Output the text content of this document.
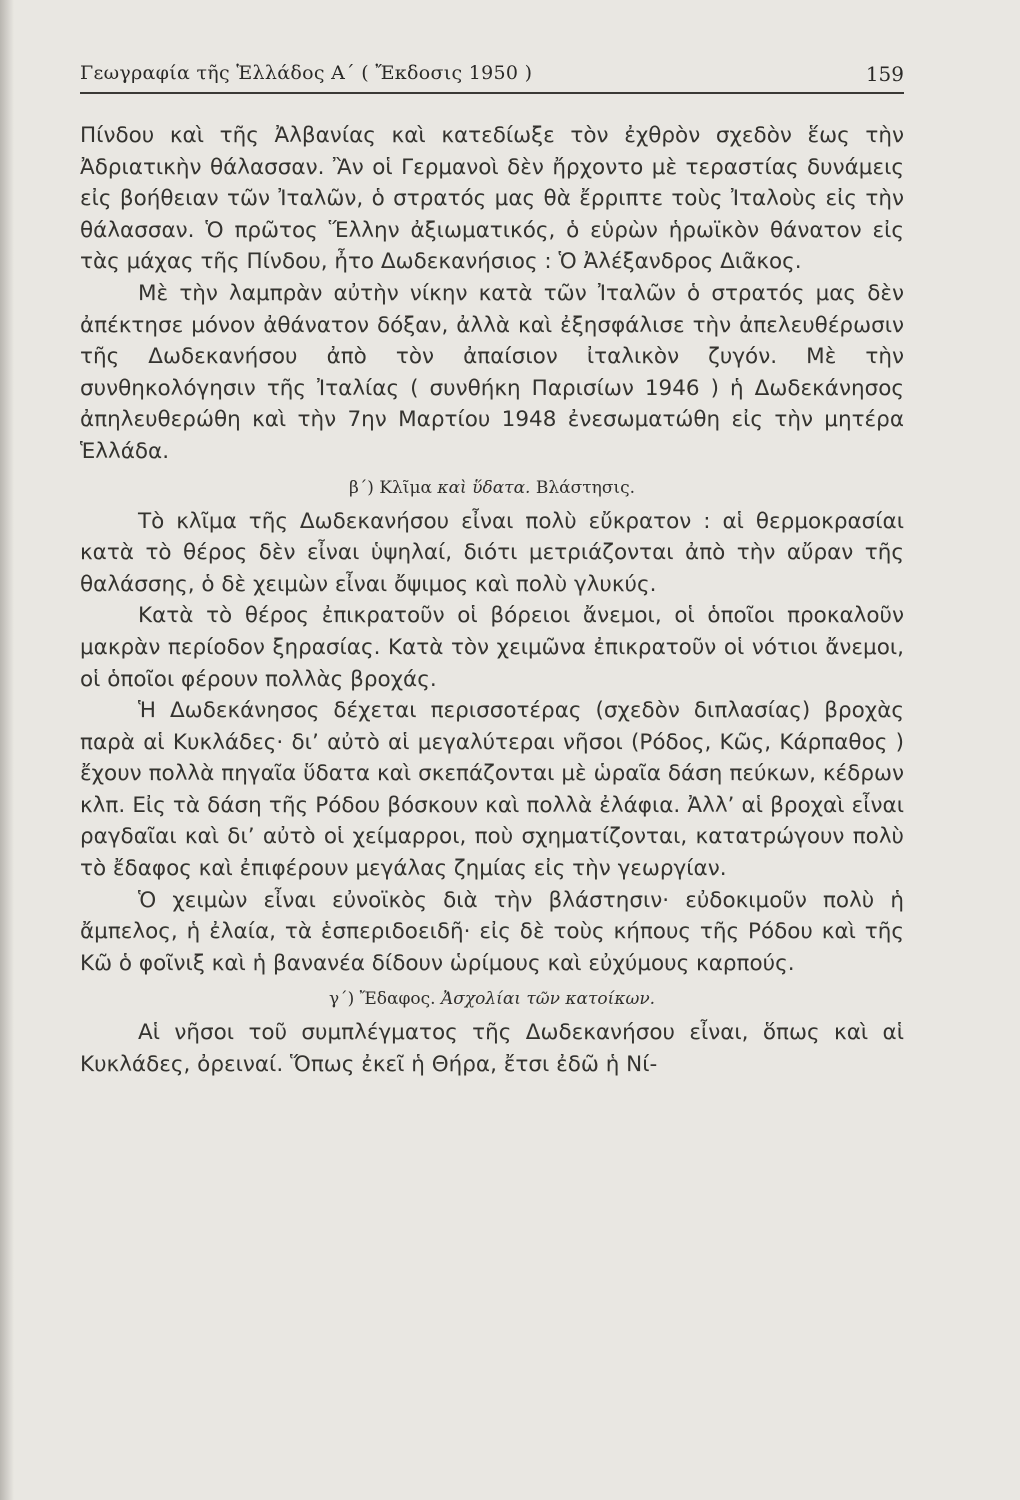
Γεωγραφία τῆς Ἑλλάδος Α´ ( Ἔκδοσις 1950 )	159

Πίνδου καὶ τῆς Ἀλβανίας καὶ κατεδίωξε τὸν ἐχθρὸν σχεδὸν ἕως τὴν Ἀδριατικὴν θάλασσαν. Ἂν οἱ Γερμανοὶ δὲν ἤρχοντο μὲ τεραστίας δυνάμεις εἰς βοήθειαν τῶν Ἰταλῶν, ὁ στρατός μας θὰ ἔρριπτε τοὺς Ἰταλοὺς εἰς τὴν θάλασσαν. Ὁ πρῶτος Ἕλλην ἀξιωματικός, ὁ εὑρὼν ἡρωϊκὸν θάνατον εἰς τὰς μάχας τῆς Πίνδου, ἦτο Δωδεκανήσιος : Ὁ Ἀλέξανδρος Διᾶκος.

Μὲ τὴν λαμπρὰν αὐτὴν νίκην κατὰ τῶν Ἰταλῶν ὁ στρατός μας δὲν ἀπέκτησε μόνον ἀθάνατον δόξαν, ἀλλὰ καὶ ἐξησφάλισε τὴν ἀπελευθέρωσιν τῆς Δωδεκανήσου ἀπὸ τὸν ἀπαίσιον ἰταλικὸν ζυγόν. Μὲ τὴν συνθηκολόγησιν τῆς Ἰταλίας ( συνθήκη Παρισίων 1946 ) ἡ Δωδεκάνησος ἀπηλευθερώθη καὶ τὴν 7ην Μαρτίου 1948 ἐνεσωματώθη εἰς τὴν μητέρα Ἑλλάδα.

β´) Κλῖμα καὶ ὕδατα. Βλάστησις.

Τὸ κλῖμα τῆς Δωδεκανήσου εἶναι πολὺ εὔκρατον : αἱ θερμοκρασίαι κατὰ τὸ θέρος δὲν εἶναι ὑψηλαί, διότι μετριάζονται ἀπὸ τὴν αὔραν τῆς θαλάσσης, ὁ δὲ χειμὼν εἶναι ὄψιμος καὶ πολὺ γλυκύς.

Κατὰ τὸ θέρος ἐπικρατοῦν οἱ βόρειοι ἄνεμοι, οἱ ὁποῖοι προκαλοῦν μακρὰν περίοδον ξηρασίας. Κατὰ τὸν χειμῶνα ἐπικρατοῦν οἱ νότιοι ἄνεμοι, οἱ ὁποῖοι φέρουν πολλὰς βροχάς.

Ἡ Δωδεκάνησος δέχεται περισσοτέρας (σχεδὸν διπλασίας) βροχὰς παρὰ αἱ Κυκλάδες· δι’ αὐτὸ αἱ μεγαλύτεραι νῆσοι (Ρόδος, Κῶς, Κάρπαθος ) ἔχουν πολλὰ πηγαῖα ὕδατα καὶ σκεπάζονται μὲ ὡραῖα δάση πεύκων, κέδρων κλπ. Εἰς τὰ δάση τῆς Ρόδου βόσκουν καὶ πολλὰ ἐλάφια. Ἀλλ’ αἱ βροχαὶ εἶναι ραγδαῖαι καὶ δι’ αὐτὸ οἱ χείμαρροι, ποὺ σχηματίζονται, κατατρώγουν πολὺ τὸ ἔδαφος καὶ ἐπιφέρουν μεγάλας ζημίας εἰς τὴν γεωργίαν.

Ὁ χειμὼν εἶναι εὐνοϊκὸς διὰ τὴν βλάστησιν· εὐδοκιμοῦν πολὺ ἡ ἄμπελος, ἡ ἐλαία, τὰ ἑσπεριδοειδῆ· εἰς δὲ τοὺς κήπους τῆς Ρόδου καὶ τῆς Κῶ ὁ φοῖνιξ καὶ ἡ βανανέα δίδουν ὡρίμους καὶ εὐχύμους καρπούς.

γ´) Ἔδαφος. Ἀσχολίαι τῶν κατοίκων.

Αἱ νῆσοι τοῦ συμπλέγματος τῆς Δωδεκανήσου εἶναι, ὅπως καὶ αἱ Κυκλάδες, ὀρειναί. Ὅπως ἐκεῖ ἡ Θήρα, ἔτσι ἐδῶ ἡ Νί-
